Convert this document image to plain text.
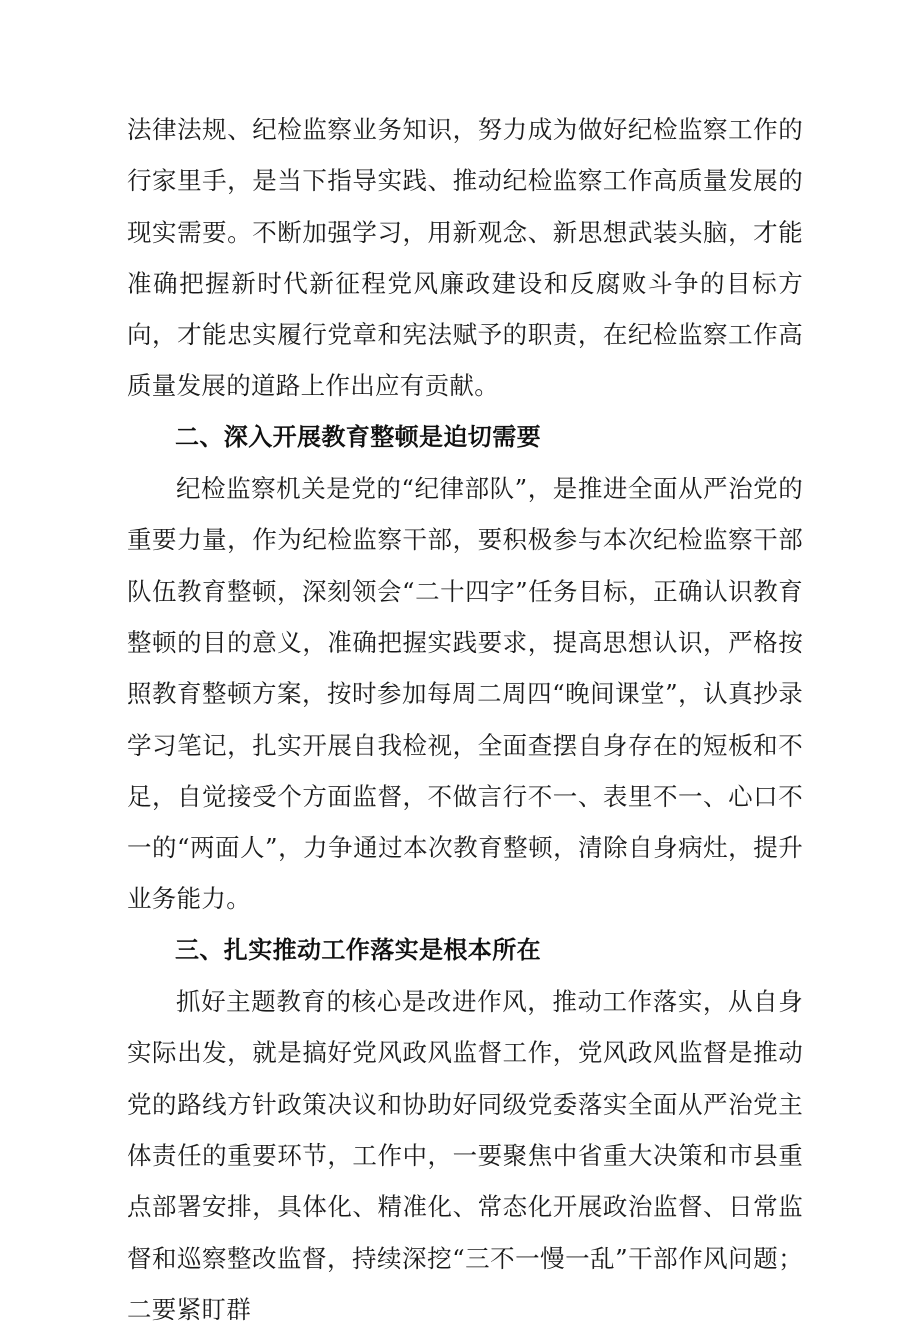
法律法规、纪检监察业务知识，努力成为做好纪检监察工作的行家里手，是当下指导实践、推动纪检监察工作高质量发展的现实需要。不断加强学习，用新观念、新思想武装头脑，才能准确把握新时代新征程党风廉政建设和反腐败斗争的目标方向，才能忠实履行党章和宪法赋予的职责，在纪检监察工作高质量发展的道路上作出应有贡献。

二、深入开展教育整顿是迫切需要

纪检监察机关是党的“纪律部队”，是推进全面从严治党的重要力量，作为纪检监察干部，要积极参与本次纪检监察干部队伍教育整顿，深刻领会“二十四字”任务目标，正确认识教育整顿的目的意义，准确把握实践要求，提高思想认识，严格按照教育整顿方案，按时参加每周二周四“晚间课堂”，认真抄录学习笔记，扎实开展自我检视，全面查摆自身存在的短板和不足，自觉接受个方面监督，不做言行不一、表里不一、心口不一的“两面人”，力争通过本次教育整顿，清除自身病灶，提升业务能力。

三、扎实推动工作落实是根本所在

抓好主题教育的核心是改进作风，推动工作落实，从自身实际出发，就是搞好党风政风监督工作，党风政风监督是推动党的路线方针政策决议和协助好同级党委落实全面从严治党主体责任的重要环节，工作中，一要聚焦中省重大决策和市县重点部署安排，具体化、精准化、常态化开展政治监督、日常监督和巡察整改监督，持续深挖“三不一慢一乱”干部作风问题；二要紧盯群
